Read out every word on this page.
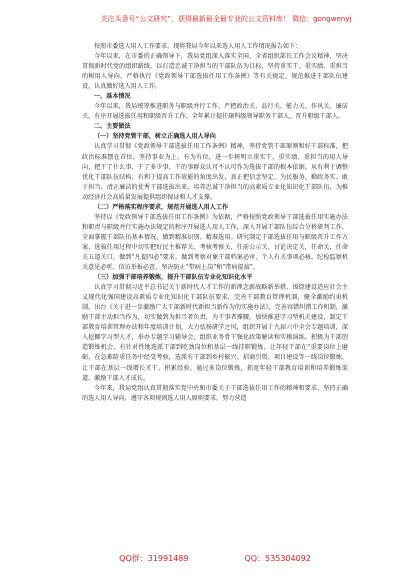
关注头条号“公文研究”，获得最新最全最专业的公文资料库！ 微信：gongwenyj

按照市委选人用人工作要求，现将我局今年以来选人用人工作情况报告如下：

今年以来，在市委的正确领导下，我局党组深入落实全国、全省组织部长工作会议精神，坚决贯彻新时代党的组织路线，以打造忠诚干净担当的干部队伍为目标，坚持重实干、重实绩、重担当的树用人导向，严格执行《党政领导干部选拔任用工作条例》等有关规定，规范推进干部队伍建设，认真做好选人用人工作。

一、基本情况

今年以来，我局统筹推进职务与职级并行工作，严把政治关、品行关、能力关、作风关、廉洁关，有序开展选拔任用和职级晋升工作。全年累计提任副科级领导职务干部人，晋升职级干部人。

二、主要做法
（一）坚持党管干部，树立正确选人用人导向

认真学习贯彻《党政领导干部选拔任用工作条例》精神，坚持党管干部原则和好干部标准，把政治标准摆在首位，坚持事业为上、有为有位，进一步树明立重实干、重实绩、重担当的用人导向，把干了什么事、干了多少事、干的事群众认可不认可作为选拔干部的根本依据。从有利于调整优化干部队伍结构、有利于提高工作效能的角度出发，真正把信念坚定、为民服务、勤政务实、敢于担当、清正廉洁的优秀干部选拔出来，培养忠诚干净担当的高素质专业化知识化干部队伍，为推动经济社会高质量发展提供组织保证和人才支撑。

（二）严格落实程序要求，规范开展选人用人工作

坚持以《党政领导干部选拔任用工作条例》为依据，严格按照党政领导干部选拔任用实施办法和职责与职级并行实施办法规定的程序开展选人用人工作，深入开展干部队伍综合分析研判工作，全面掌握干部队伍基本情况，做到精准识别、精准选用。研究制定干部选拔任用与职级晋升工作方案，选拔任用过程中切实把好民主推荐关、考核考察关、任前公示关、讨论决定关，任命关，任命关五道关口，做到“凡提四必”要求，做到考察对象干部档案必审、个人有关事项必核、纪检监察机关意见必听、信访举报必查，坚决防止“带病上岗”和“带病提拔”。

（三）加强干部培养锻炼，提升干部队伍专业化知识化水平

认真学习贯彻习近平总书记关于新时代人才工作的新理念新战略新举措，围绕建设适应社会主义现代化强国建设高素质专业化知识化干部队伍要求，完善干部教育管理机制，健全激励约束机制，出台《关于进一步激励广大干部新时代新担当新作为的实施办法》，完善容错纠错工作机制，激励干部主动担当作为，切实做到为担当者负责，为干事者撑腰。加快推进学习型机关建设，制定干部教育培训管理办法和年度培训计划，大力弘扬研学之风，组织开展十九届六中全会专题培训，深入挖掘学习型人才，举办专题学习辅导会，组织业务骨干强化政策解读和实操演练。积极为干部创造锻炼机会，有针对性地选派干部到吃劲岗位和基层一线挂职锻炼，让年轻干部在“重要岗位上磨砺，在急难险重任务中经受考验，选派有干部到乡村振兴、招商引资、项目建设等一线岗位锻炼，让干部在基层一线增长才干、积累经验。通过多岗位锻炼，拓宽年轻干部教育培训和培养锻炼渠道，激励干部人才成长。

今年来，我局党组认真贯彻落实党中央和市委关于干部选拔任用工作的精神和要求，坚持正确的选人用人导向，遵守各项规则选人用人原则要求，努力营造

QQ群：31991489	QQ：535304092
